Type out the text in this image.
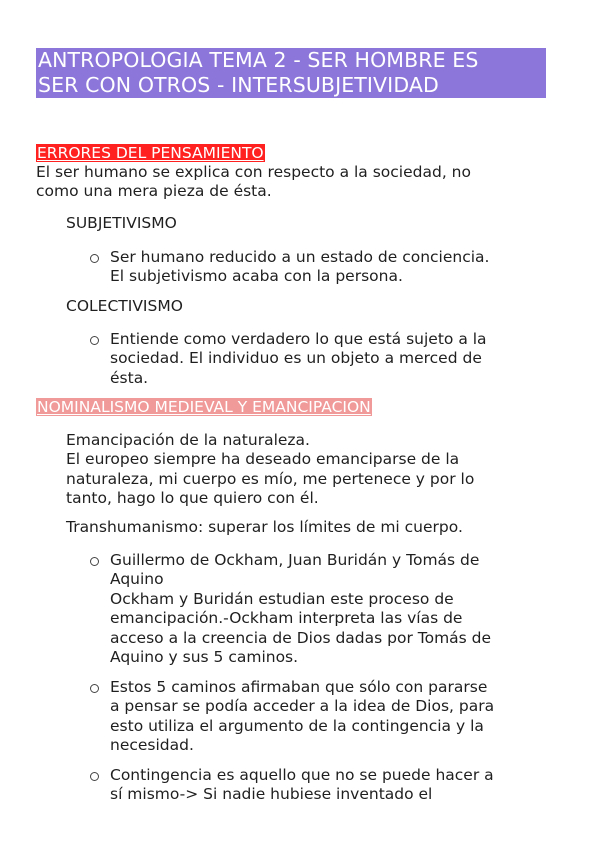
ANTROPOLOGIA TEMA 2 - SER HOMBRE ES
SER CON OTROS - INTERSUBJETIVIDAD
ERRORES DEL PENSAMIENTO
El ser humano se explica con respecto a la sociedad, no
como una mera pieza de ésta.
SUBJETIVISMO
Ser humano reducido a un estado de conciencia.
El subjetivismo acaba con la persona.
COLECTIVISMO
Entiende como verdadero lo que está sujeto a la
sociedad. El individuo es un objeto a merced de
ésta.
NOMINALISMO MEDIEVAL Y EMANCIPACION
Emancipación de la naturaleza.
El europeo siempre ha deseado emanciparse de la
naturaleza, mi cuerpo es mío, me pertenece y por lo
tanto, hago lo que quiero con él.
Transhumanismo: superar los límites de mi cuerpo.
Guillermo de Ockham, Juan Buridán y Tomás de
Aquino
Ockham y Buridán estudian este proceso de
emancipación.-Ockham interpreta las vías de
acceso a la creencia de Dios dadas por Tomás de
Aquino y sus 5 caminos.
Estos 5 caminos afirmaban que sólo con pararse
a pensar se podía acceder a la idea de Dios, para
esto utiliza el argumento de la contingencia y la
necesidad.
Contingencia es aquello que no se puede hacer a
sí mismo-> Si nadie hubiese inventado el
